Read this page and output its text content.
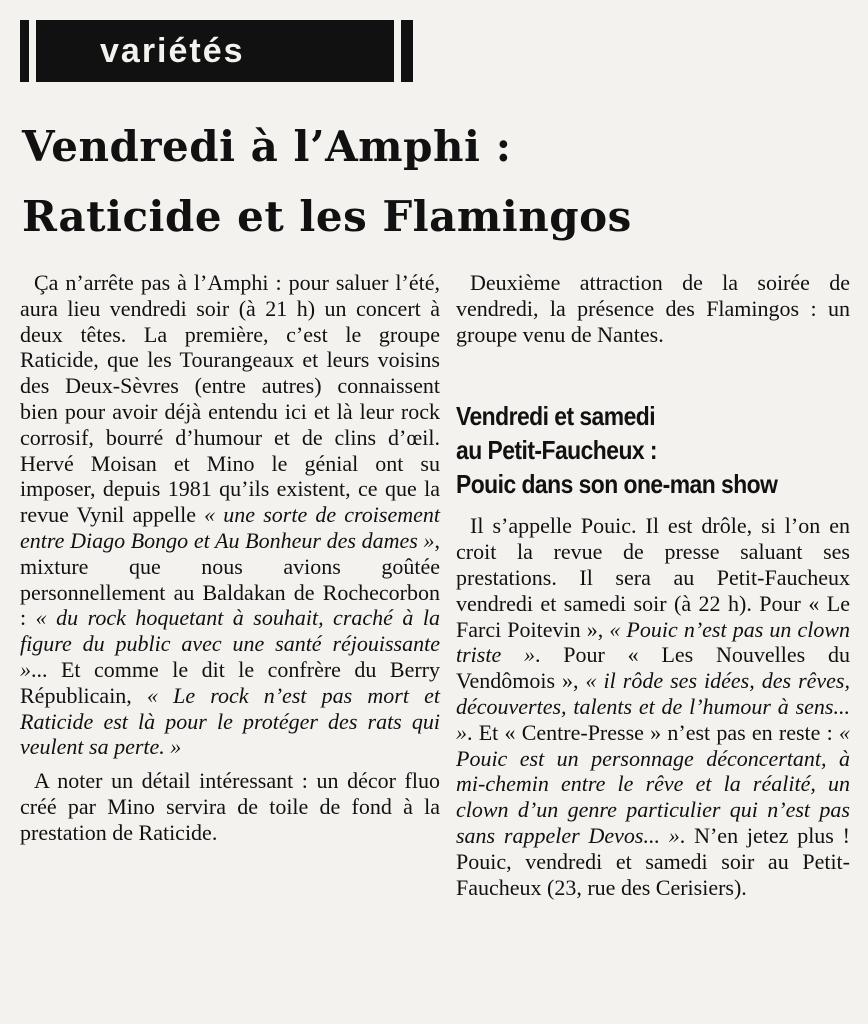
variétés
Vendredi à l’Amphi :
Raticide et les Flamingos

Ça n’arrête pas à l’Amphi : pour saluer l’été, aura lieu vendredi soir (à 21 h) un concert à deux têtes. La première, c’est le groupe Raticide, que les Tourangeaux et leurs voisins des Deux-Sèvres (entre autres) connaissent bien pour avoir déjà entendu ici et là leur rock corrosif, bourré d’humour et de clins d’œil. Hervé Moisan et Mino le génial ont su imposer, depuis 1981 qu’ils existent, ce que la revue Vynil appelle « une sorte de croisement entre Diago Bongo et Au Bonheur des dames », mixture que nous avions goûtée personnellement au Baldakan de Rochecorbon : « du rock hoquetant à souhait, craché à la figure du public avec une santé réjouissante »... Et comme le dit le confrère du Berry Républicain, « Le rock n’est pas mort et Raticide est là pour le protéger des rats qui veulent sa perte. »

A noter un détail intéressant : un décor fluo créé par Mino servira de toile de fond à la prestation de Raticide.

Deuxième attraction de la soirée de vendredi, la présence des Flamingos : un groupe venu de Nantes.

Vendredi et samedi
au Petit-Faucheux :
Pouic dans son one-man show

Il s’appelle Pouic. Il est drôle, si l’on en croit la revue de presse saluant ses prestations. Il sera au Petit-Faucheux vendredi et samedi soir (à 22 h). Pour « Le Farci Poitevin », « Pouic n’est pas un clown triste ». Pour « Les Nouvelles du Vendômois », « il rôde ses idées, des rêves, découvertes, talents et de l’humour à sens... ». Et « Centre-Presse » n’est pas en reste : « Pouic est un personnage déconcertant, à mi-chemin entre le rêve et la réalité, un clown d’un genre particulier qui n’est pas sans rappeler Devos... ». N’en jetez plus ! Pouic, vendredi et samedi soir au Petit-Faucheux (23, rue des Cerisiers).
